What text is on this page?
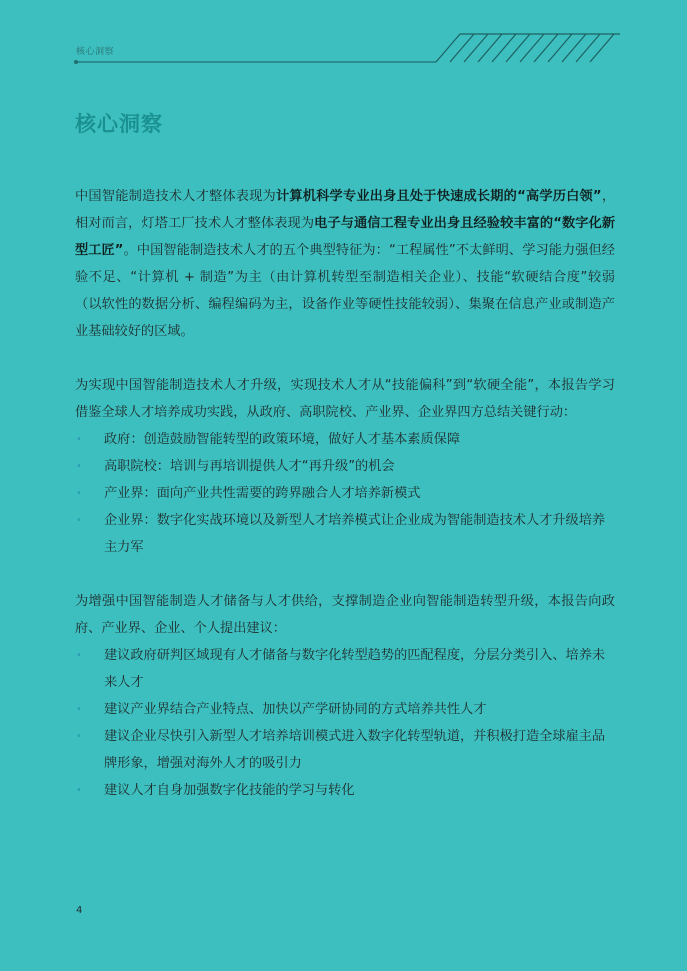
核心洞察
核心洞察

中国智能制造技术人才整体表现为计算机科学专业出身且处于快速成长期的“高学历白领”，相对而言，灯塔工厂技术人才整体表现为电子与通信工程专业出身且经验较丰富的“数字化新型工匠”。中国智能制造技术人才的五个典型特征为：“工程属性”不太鲜明、学习能力强但经验不足、“计算机 + 制造”为主（由计算机转型至制造相关企业）、技能“软硬结合度”较弱（以软性的数据分析、编程编码为主，设备作业等硬性技能较弱）、集聚在信息产业或制造产业基础较好的区域。

为实现中国智能制造技术人才升级，实现技术人才从“技能偏科”到“软硬全能”，本报告学习借鉴全球人才培养成功实践，从政府、高职院校、产业界、企业界四方总结关键行动：

• 政府：创造鼓励智能转型的政策环境，做好人才基本素质保障
• 高职院校：培训与再培训提供人才“再升级”的机会
• 产业界：面向产业共性需要的跨界融合人才培养新模式
• 企业界：数字化实战环境以及新型人才培养模式让企业成为智能制造技术人才升级培养主力军

为增强中国智能制造人才储备与人才供给，支撑制造企业向智能制造转型升级，本报告向政府、产业界、企业、个人提出建议：

• 建议政府研判区域现有人才储备与数字化转型趋势的匹配程度，分层分类引入、培养未来人才
• 建议产业界结合产业特点、加快以产学研协同的方式培养共性人才
• 建议企业尽快引入新型人才培养培训模式进入数字化转型轨道，并积极打造全球雇主品牌形象，增强对海外人才的吸引力
• 建议人才自身加强数字化技能的学习与转化
4
